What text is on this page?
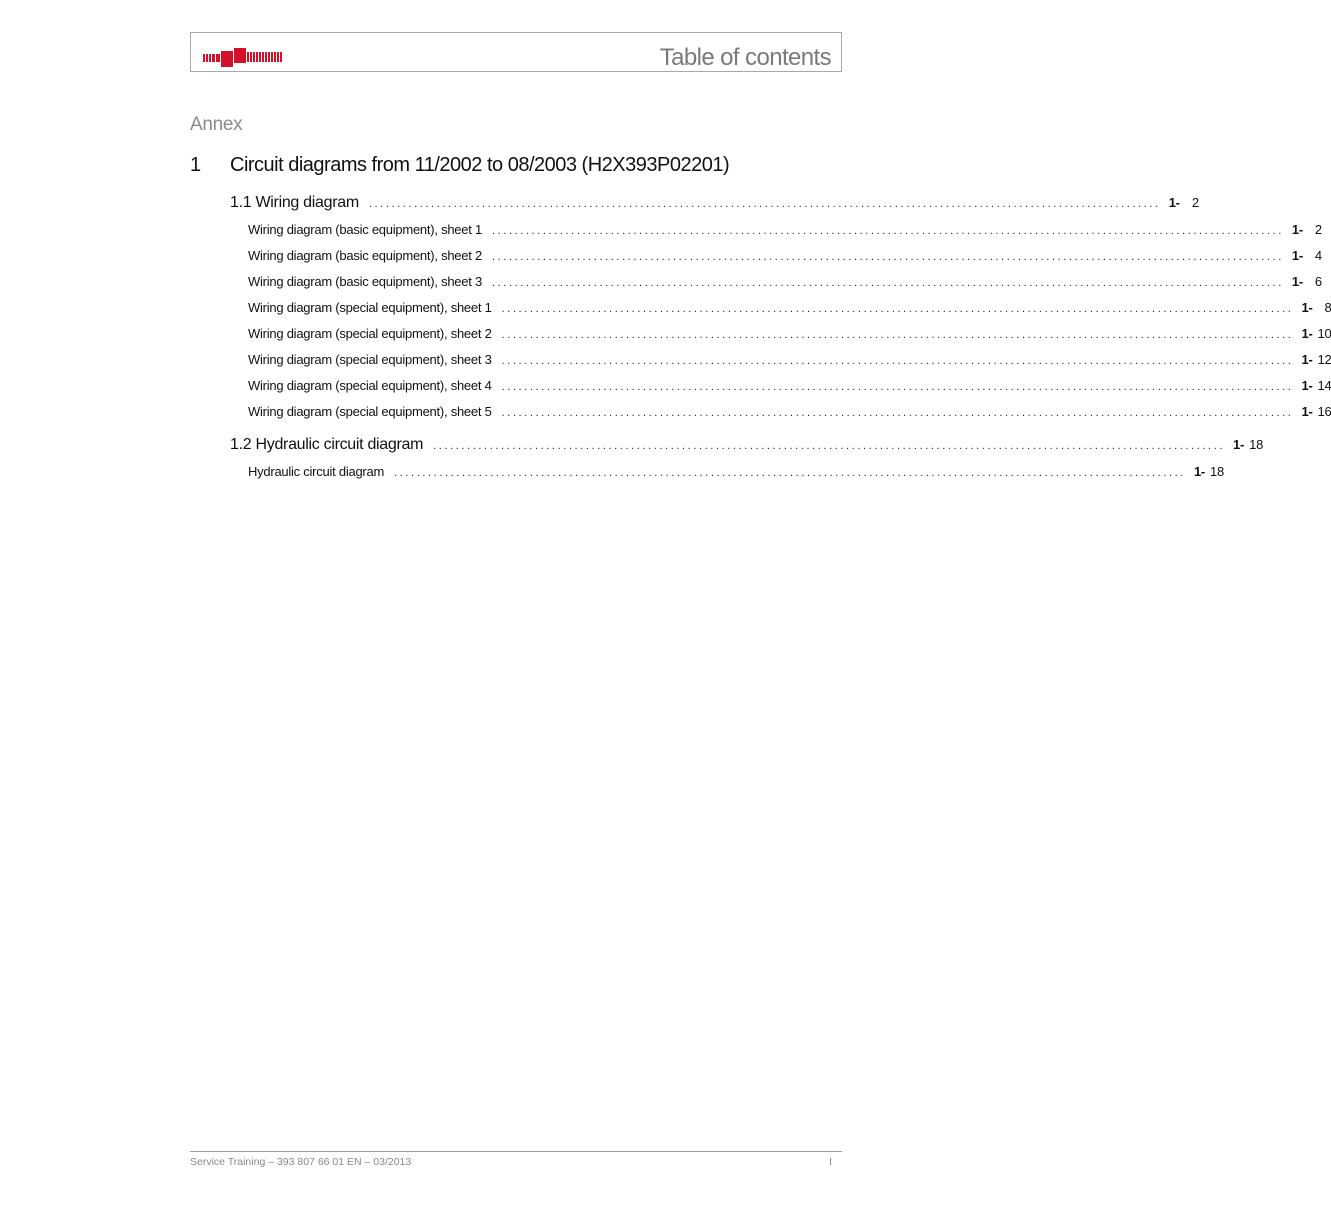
Table of contents
Annex
1 Circuit diagrams from 11/2002 to 08/2003 (H2X393P02201)
1.1 Wiring diagram ............................................................................................................................................ 1- 2
Wiring diagram (basic equipment), sheet 1 ............................................................................................................................................ 1- 2
Wiring diagram (basic equipment), sheet 2 ............................................................................................................................................ 1- 4
Wiring diagram (basic equipment), sheet 3 ............................................................................................................................................ 1- 6
Wiring diagram (special equipment), sheet 1 ............................................................................................................................................ 1- 8
Wiring diagram (special equipment), sheet 2 ............................................................................................................................................ 1- 10
Wiring diagram (special equipment), sheet 3 ............................................................................................................................................ 1- 12
Wiring diagram (special equipment), sheet 4 ............................................................................................................................................ 1- 14
Wiring diagram (special equipment), sheet 5 ............................................................................................................................................ 1- 16
1.2 Hydraulic circuit diagram ............................................................................................................................................ 1- 18
Hydraulic circuit diagram ............................................................................................................................................ 1- 18
Service Training – 393 807 66 01 EN – 03/2013	I
